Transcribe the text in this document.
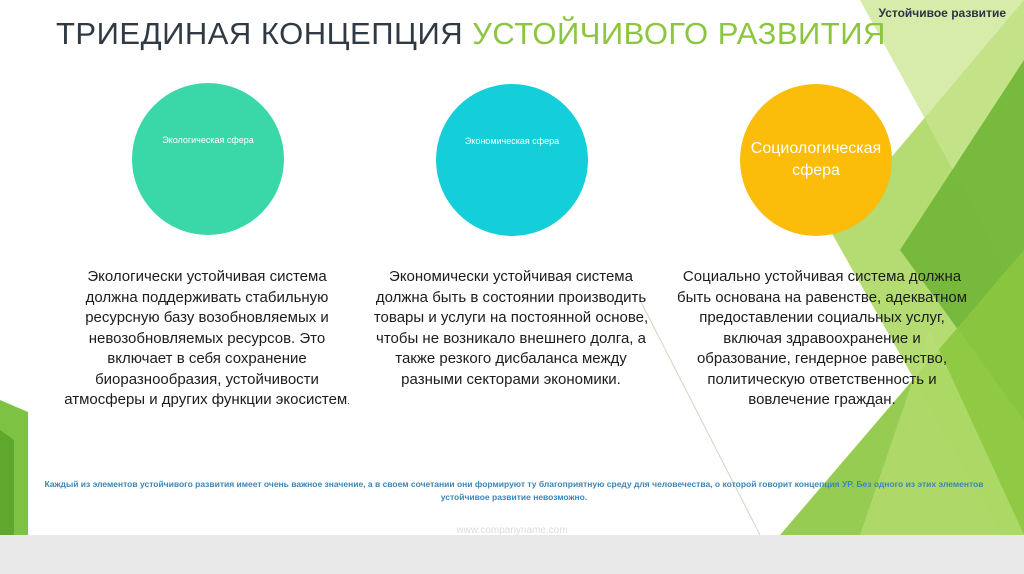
Устойчивое развитие
ТРИЕДИНАЯ КОНЦЕПЦИЯ УСТОЙЧИВОГО РАЗВИТИЯ
Экологическая сфера	Экономическая сфера	Социологическая сфера
Экологически устойчивая система должна поддерживать стабильную ресурсную базу возобновляемых и невозобновляемых ресурсов. Это включает в себя сохранение биоразнообразия, устойчивости атмосферы и других функции экосистем.
Экономически устойчивая система должна быть в состоянии производить товары и услуги на постоянной основе, чтобы не возникало внешнего долга, а также резкого дисбаланса между разными секторами экономики.
Социально устойчивая система должна быть основана на равенстве, адекватном предоставлении социальных услуг, включая здравоохранение и образование, гендерное равенство, политическую ответственность и вовлечение граждан.
Каждый из элементов устойчивого развития имеет очень важное значение, а в своем сочетании они формируют ту благоприятную среду для человечества, о которой говорит концепция УР. Без одного из этих элементов устойчивое развитие невозможно.
www.companyname.com
